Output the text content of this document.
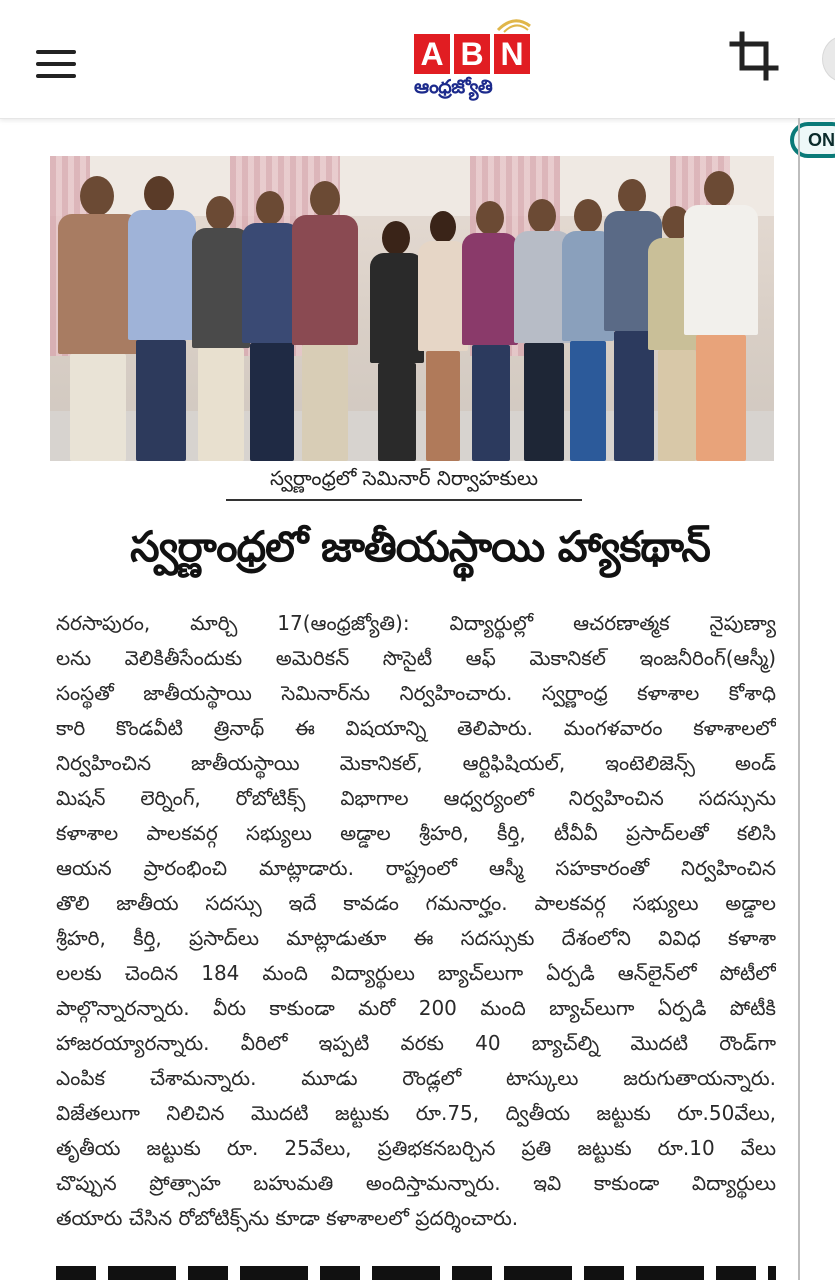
A B N
ఆంధ్రజ్యోతి
ON
స్వర్ణాంధ్రలో సెమినార్ నిర్వాహకులు
స్వర్ణాంధ్రలో జాతీయస్థాయి హ్యాకథాన్
నరసాపురం, మార్చి 17(ఆంధ్రజ్యోతి): విద్యార్థుల్లో ఆచరణాత్మక నైపుణ్యా
లను వెలికితీసేందుకు అమెరికన్ సొసైటీ ఆఫ్ మెకానికల్ ఇంజనీరింగ్(ఆస్మీ)
సంస్థతో జాతీయస్థాయి సెమినార్‌ను నిర్వహించారు. స్వర్ణాంధ్ర కళాశాల కోశాధి
కారి కొండవీటి త్రినాథ్ ఈ విషయాన్ని తెలిపారు. మంగళవారం కళాశాలలో
నిర్వహించిన జాతీయస్థాయి మెకానికల్, ఆర్టిఫిషియల్, ఇంటెలిజెన్స్ అండ్
మిషన్ లెర్నింగ్, రోబోటిక్స్ విభాగాల ఆధ్వర్యంలో నిర్వహించిన సదస్సును
కళాశాల పాలకవర్గ సభ్యులు అడ్డాల శ్రీహరి, కీర్తి, టీవీవీ ప్రసాద్‌లతో కలిసి
ఆయన ప్రారంభించి మాట్లాడారు. రాష్ట్రంలో ఆస్మీ సహకారంతో నిర్వహించిన
తొలి జాతీయ సదస్సు ఇదే కావడం గమనార్హం. పాలకవర్గ సభ్యులు అడ్డాల
శ్రీహరి, కీర్తి, ప్రసాద్‌లు మాట్లాడుతూ ఈ సదస్సుకు దేశంలోని వివిధ కళాశా
లలకు చెందిన 184 మంది విద్యార్థులు బ్యాచ్‌లుగా ఏర్పడి ఆన్‌లైన్‌లో పోటీలో
పాల్గొన్నారన్నారు. వీరు కాకుండా మరో 200 మంది బ్యాచ్‌లుగా ఏర్పడి పోటీకి
హాజరయ్యారన్నారు. వీరిలో ఇప్పటి వరకు 40 బ్యాచ్‌ల్ని మొదటి రౌండ్‌గా
ఎంపిక చేశామన్నారు. మూడు రౌండ్లలో టాస్కులు జరుగుతాయన్నారు.
విజేతలుగా నిలిచిన మొదటి జట్టుకు రూ.75, ద్వితీయ జట్టుకు రూ.50వేలు,
తృతీయ జట్టుకు రూ. 25వేలు, ప్రతిభకనబర్చిన ప్రతి జట్టుకు రూ.10 వేలు
చొప్పున ప్రోత్సాహ బహుమతి అందిస్తామన్నారు. ఇవి కాకుండా విద్యార్థులు
తయారు చేసిన రోబోటిక్స్‌ను కూడా కళాశాలలో ప్రదర్శించారు.
